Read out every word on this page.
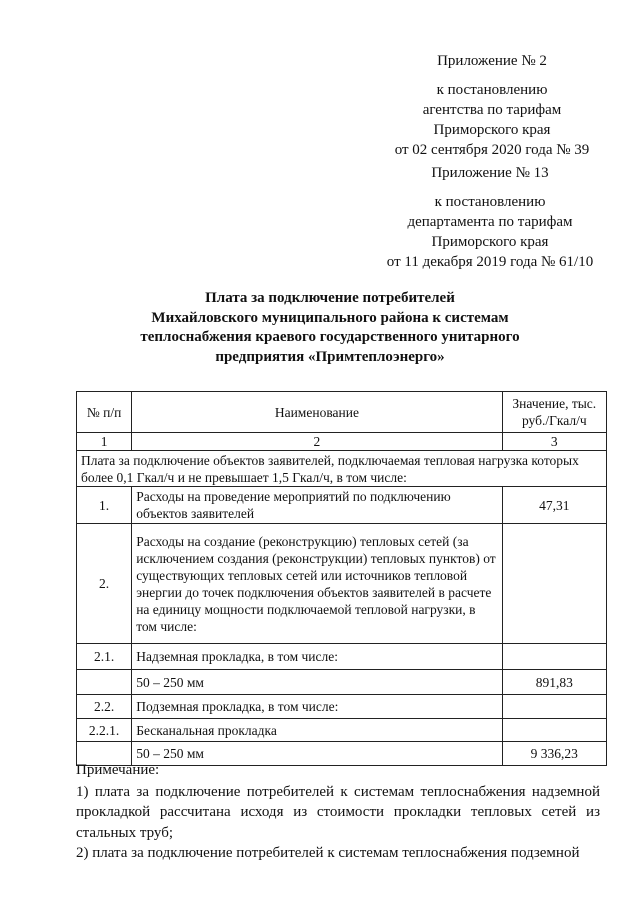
Приложение № 2
к постановлению
агентства по тарифам
Приморского края
от 02 сентября 2020 года № 39
Приложение № 13
к постановлению
департамента по тарифам
Приморского края
от 11 декабря 2019 года № 61/10
Плата за подключение потребителей
Михайловского муниципального района к системам
теплоснабжения краевого государственного унитарного
предприятия «Примтеплоэнерго»
№ п/п	Наименование	Значение, тыс. руб./Гкал/ч
1	2	3
Плата за подключение объектов заявителей, подключаемая тепловая нагрузка которых более 0,1 Гкал/ч и не превышает 1,5 Гкал/ч, в том числе:		
1.	Расходы на проведение мероприятий по подключению объектов заявителей	47,31
2.	Расходы на создание (реконструкцию) тепловых сетей (за исключением создания (реконструкции) тепловых пунктов) от существующих тепловых сетей или источников тепловой энергии до точек подключения объектов заявителей в расчете на единицу мощности подключаемой тепловой нагрузки, в том числе:	
2.1.	Надземная прокладка, в том числе:	
	50 – 250 мм	891,83
2.2.	Подземная прокладка, в том числе:	
2.2.1.	Бесканальная прокладка	
	50 – 250 мм	9 336,23

Примечание:

1) плата за подключение потребителей к системам теплоснабжения надземной прокладкой рассчитана исходя из стоимости прокладки тепловых сетей из стальных труб;

2) плата за подключение потребителей к системам теплоснабжения подземной
